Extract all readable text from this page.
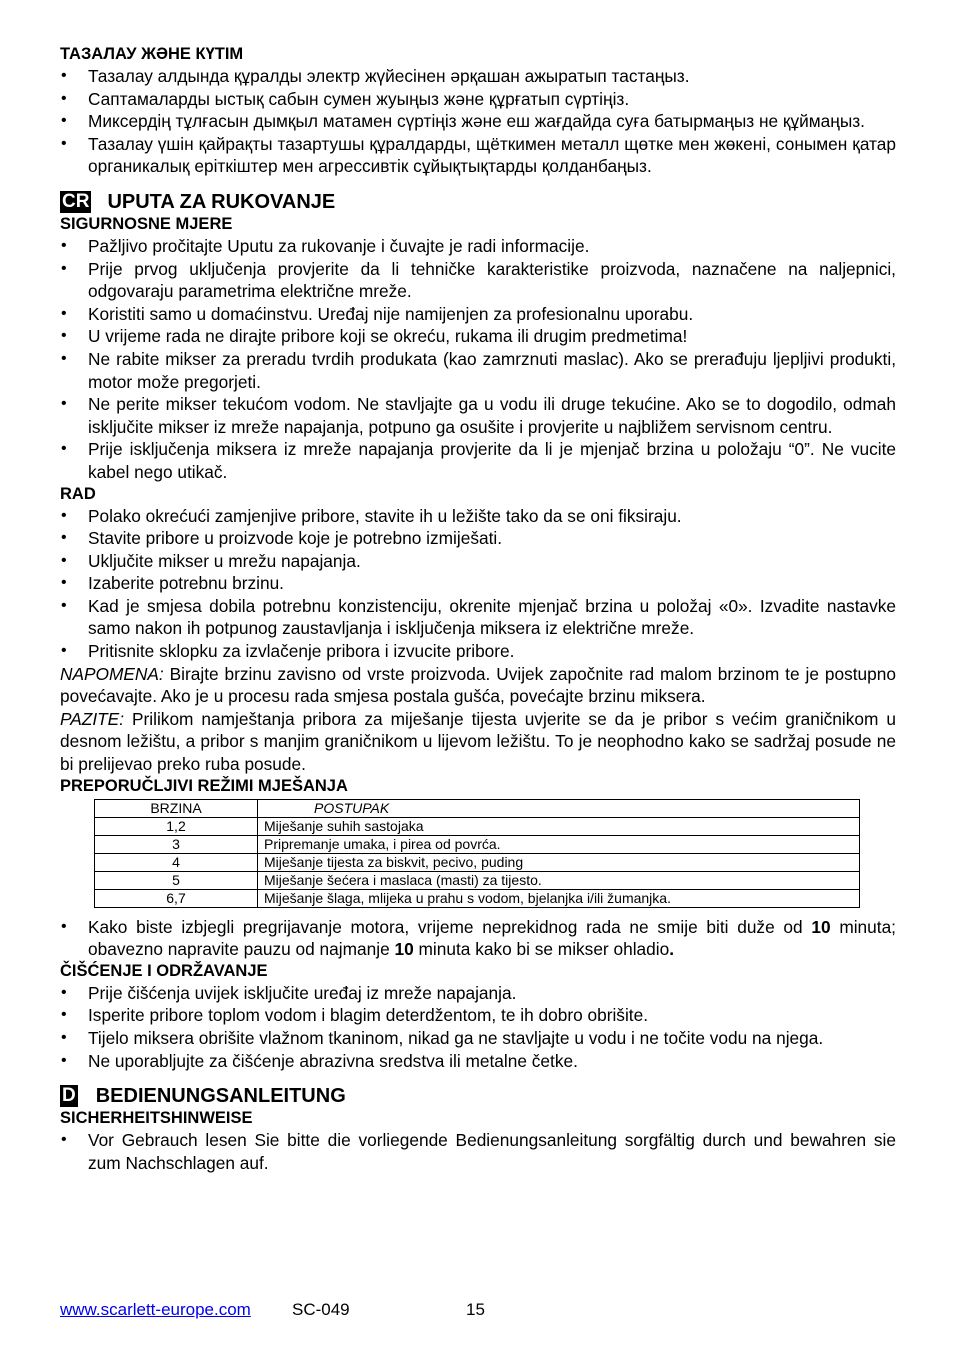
ТАЗАЛАУ ЖӘНЕ КҮТІМ
• Тазалау алдында құралды электр жүйесінен әрқашан ажыратып тастаңыз.
• Саптамаларды ыстық сабын сумен жуыңыз және құрғатып сүртіңіз.
• Миксердің тұлғасын дымқыл матамен сүртіңіз және еш жағдайда суға батырмаңыз не құймаңыз.
• Тазалау үшін қайрақты тазартушы құралдарды, щёткимен металл щөтке мен жөкені, сонымен қатар органикалық еріткіштер мен агрессивтік сұйықтықтарды қолданбаңыз.
CR UPUTA ZA RUKOVANJE
SIGURNOSNE MJERE
• Pažljivo pročitajte Uputu za rukovanje i čuvajte je radi informacije.
• Prije prvog uključenja provjerite da li tehničke karakteristike proizvoda, naznačene na naljepnici, odgovaraju parametrima električne mreže.
• Koristiti samo u domaćinstvu. Uređaj nije namijenjen za profesionalnu uporabu.
• U vrijeme rada ne dirajte pribore koji se okreću, rukama ili drugim predmetima!
• Ne rabite mikser za preradu tvrdih produkata (kao zamrznuti maslac). Ako se prerađuju ljepljivi produkti, motor može pregorjeti.
• Ne perite mikser tekućom vodom. Ne stavljajte ga u vodu ili druge tekućine. Ako se to dogodilo, odmah isključite mikser iz mreže napajanja, potpuno ga osušite i provjerite u najbližem servisnom centru.
• Prije isključenja miksera iz mreže napajanja provjerite da li je mjenjač brzina u položaju “0”. Ne vucite kabel nego utikač.
RAD
• Polako okrećući zamjenjive pribore, stavite ih u ležište tako da se oni fiksiraju.
• Stavite pribore u proizvode koje je potrebno izmiješati.
• Uključite mikser u mrežu napajanja.
• Izaberite potrebnu brzinu.
• Kad je smjesa dobila potrebnu konzistenciju, okrenite mjenjač brzina u položaj «0». Izvadite nastavke samo nakon ih potpunog zaustavljanja i isključenja miksera iz električne mreže.
• Pritisnite sklopku za izvlačenje pribora i izvucite pribore.

NAPOMENA: Birajte brzinu zavisno od vrste proizvoda. Uvijek započnite rad malom brzinom te je postupno povećavajte. Ako je u procesu rada smjesa postala gušća, povećajte brzinu miksera.

PAZITE: Prilikom namještanja pribora za miješanje tijesta uvjerite se da je pribor s većim graničnikom u desnom ležištu, a pribor s manjim graničnikom u lijevom ležištu. To je neophodno kako se sadržaj posude ne bi prelijevao preko ruba posude.

PREPORUČLJIVI REŽIMI MJEŠANJA
BRZINA	POSTUPAK
1,2	Miješanje suhih sastojaka
3	Pripremanje umaka, i pirea od povrća.
4	Miješanje tijesta za biskvit, pecivo, puding
5	Miješanje šećera i maslaca (masti) za tijesto.
6,7	Miješanje šlaga, mlijeka u prahu s vodom, bjelanjka i/ili žumanjka.
• Kako biste izbjegli pregrijavanje motora, vrijeme neprekidnog rada ne smije biti duže od 10 minuta; obavezno napravite pauzu od najmanje 10 minuta kako bi se mikser ohladio.
ČIŠĆENJE I ODRŽAVANJE
• Prije čišćenja uvijek isključite uređaj iz mreže napajanja.
• Isperite pribore toplom vodom i blagim deterdžentom, te ih dobro obrišite.
• Tijelo miksera obrišite vlažnom tkaninom, nikad ga ne stavljajte u vodu i ne točite vodu na njega.
• Ne uporabljujte za čišćenje abrazivna sredstva ili metalne četke.
D BEDIENUNGSANLEITUNG
SICHERHEITSHINWEISE
• Vor Gebrauch lesen Sie bitte die vorliegende Bedienungsanleitung sorgfältig durch und bewahren sie zum Nachschlagen auf.
www.scarlett-europe.com SC-049	15
